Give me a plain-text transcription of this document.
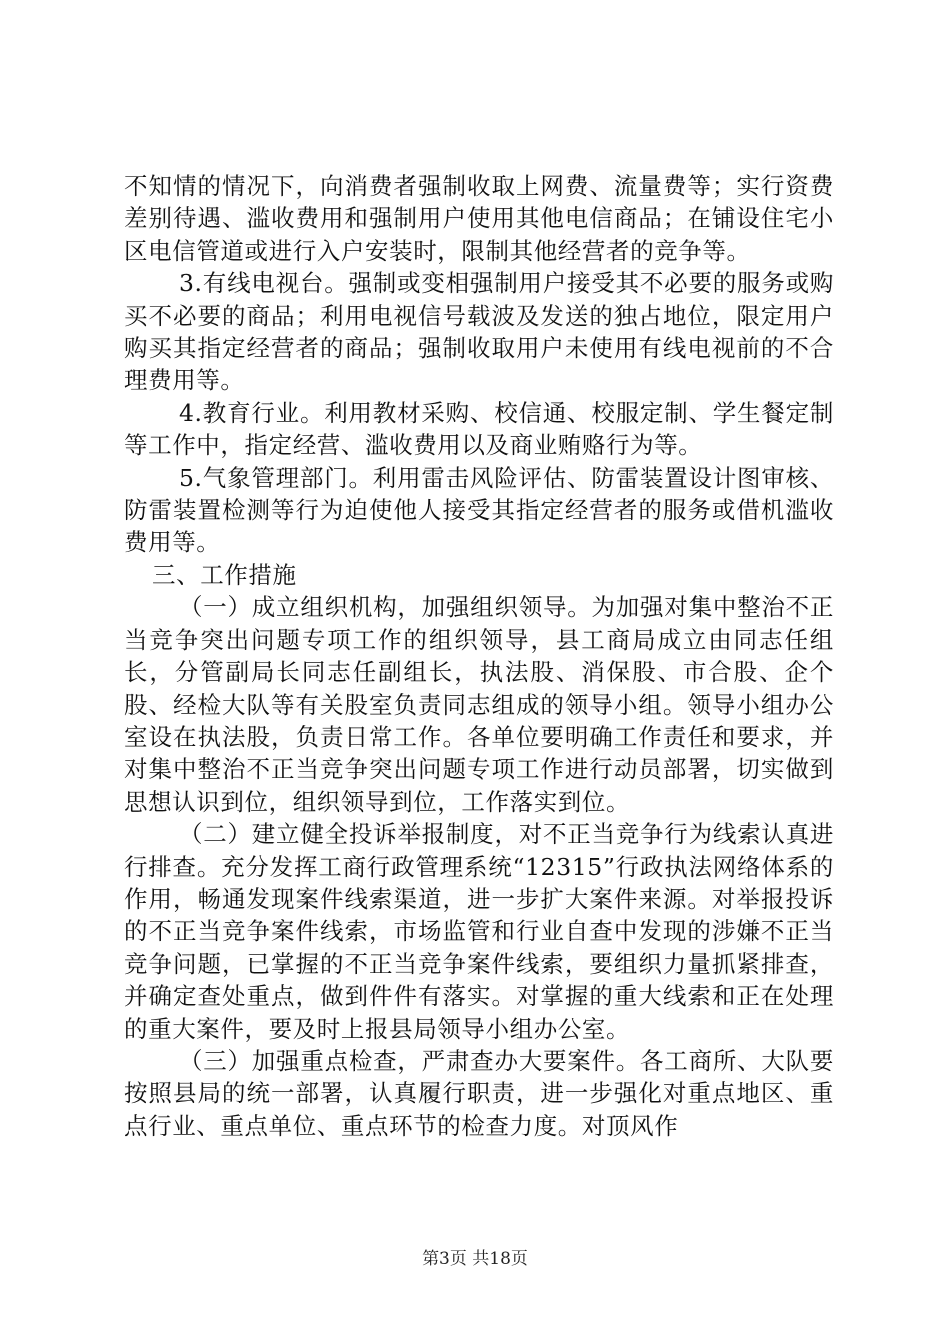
不知情的情况下，向消费者强制收取上网费、流量费等；实行资费差别待遇、滥收费用和强制用户使用其他电信商品；在铺设住宅小区电信管道或进行入户安装时，限制其他经营者的竞争等。

3.有线电视台。强制或变相强制用户接受其不必要的服务或购买不必要的商品；利用电视信号载波及发送的独占地位，限定用户购买其指定经营者的商品；强制收取用户未使用有线电视前的不合理费用等。

4.教育行业。利用教材采购、校信通、校服定制、学生餐定制等工作中，指定经营、滥收费用以及商业贿赂行为等。

5.气象管理部门。利用雷击风险评估、防雷装置设计图审核、防雷装置检测等行为迫使他人接受其指定经营者的服务或借机滥收费用等。

三、工作措施

（一）成立组织机构，加强组织领导。为加强对集中整治不正当竞争突出问题专项工作的组织领导，县工商局成立由同志任组长，分管副局长同志任副组长，执法股、消保股、市合股、企个股、经检大队等有关股室负责同志组成的领导小组。领导小组办公室设在执法股，负责日常工作。各单位要明确工作责任和要求，并对集中整治不正当竞争突出问题专项工作进行动员部署，切实做到思想认识到位，组织领导到位，工作落实到位。

（二）建立健全投诉举报制度，对不正当竞争行为线索认真进行排查。充分发挥工商行政管理系统“12315”行政执法网络体系的作用，畅通发现案件线索渠道，进一步扩大案件来源。对举报投诉的不正当竞争案件线索，市场监管和行业自查中发现的涉嫌不正当竞争问题，已掌握的不正当竞争案件线索，要组织力量抓紧排查，并确定查处重点，做到件件有落实。对掌握的重大线索和正在处理的重大案件，要及时上报县局领导小组办公室。

（三）加强重点检查，严肃查办大要案件。各工商所、大队要按照县局的统一部署，认真履行职责，进一步强化对重点地区、重点行业、重点单位、重点环节的检查力度。对顶风作

第3页 共18页
